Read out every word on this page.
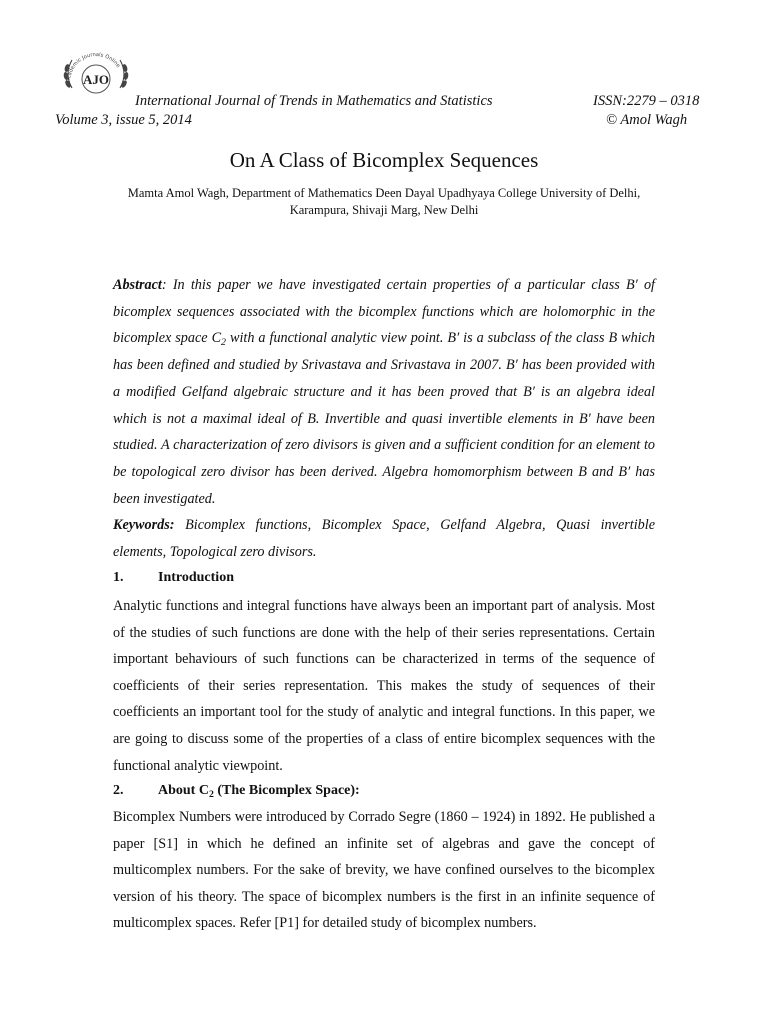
Academic Journals Online
AJO
International Journal of Trends in Mathematics and Statistics	ISSN:2279 – 0318
Volume 3, issue 5, 2014	© Amol Wagh
On A Class of Bicomplex Sequences
Mamta Amol Wagh, Department of Mathematics Deen Dayal Upadhyaya College University of Delhi,
Karampura, Shivaji Marg, New Delhi
Abstract: In this paper we have investigated certain properties of a particular class B′ of bicomplex sequences associated with the bicomplex functions which are holomorphic in the bicomplex space $C_2$ with a functional analytic view point. B′ is a subclass of the class B which has been defined and studied by Srivastava and Srivastava in 2007. B′ has been provided with a modified Gelfand algebraic structure and it has been proved that B′ is an algebra ideal which is not a maximal ideal of B. Invertible and quasi invertible elements in B′ have been studied. A characterization of zero divisors is given and a sufficient condition for an element to be topological zero divisor has been derived. Algebra homomorphism between B and B′ has been investigated.
Keywords: Bicomplex functions, Bicomplex Space, Gelfand Algebra, Quasi invertible elements, Topological zero divisors.
1. Introduction
Analytic functions and integral functions have always been an important part of analysis. Most of the studies of such functions are done with the help of their series representations. Certain important behaviours of such functions can be characterized in terms of the sequence of coefficients of their series representation. This makes the study of sequences of their coefficients an important tool for the study of analytic and integral functions. In this paper, we are going to discuss some of the properties of a class of entire bicomplex sequences with the functional analytic viewpoint.
2. About $C_2$ (The Bicomplex Space):
Bicomplex Numbers were introduced by Corrado Segre (1860 – 1924) in 1892. He published a paper [S1] in which he defined an infinite set of algebras and gave the concept of multicomplex numbers. For the sake of brevity, we have confined ourselves to the bicomplex version of his theory. The space of bicomplex numbers is the first in an infinite sequence of multicomplex spaces. Refer [P1] for detailed study of bicomplex numbers.
